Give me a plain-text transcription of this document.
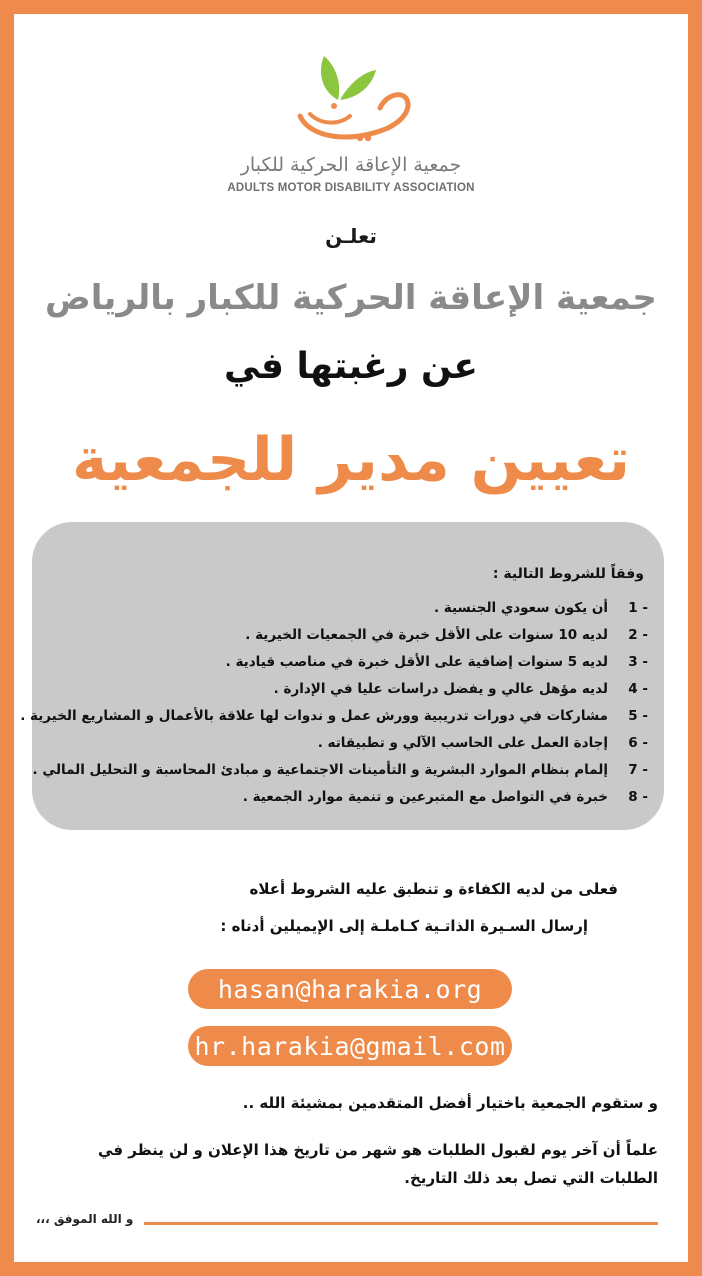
جمعية الإعاقة الحركية للكبار
ADULTS MOTOR DISABILITY ASSOCIATION
تعلـن
جمعية الإعاقة الحركية للكبار بالرياض
عن رغبتها في
تعيين مدير للجمعية
وفقاً للشروط التالية :
1 -
أن يكون سعودي الجنسية .
2 -
لديه 10 سنوات على الأقل خبرة في الجمعيات الخيرية .
3 -
لديه 5 سنوات إضافية على الأقل خبرة في مناصب قيادية .
4 -
لديه مؤهل عالي و يفضل دراسات عليا في الإدارة .
5 -
مشاركات في دورات تدريبية وورش عمل و ندوات لها علاقة بالأعمال و المشاريع الخيرية .
6 -
إجادة العمل على الحاسب الآلي و تطبيقاته .
7 -
إلمام بنظام الموارد البشرية و التأمينات الاجتماعية و مبادئ المحاسبة و التحليل المالي .
8 -
خبرة في التواصل مع المتبرعين و تنمية موارد الجمعية .
فعلى من لديه الكفاءة و تنطبق عليه الشروط أعلاه
إرسال السـيرة الذاتـية كـاملـة إلى الإيميلين أدناه :
hasan@harakia.org
hr.harakia@gmail.com
و ستقوم الجمعية باختيار أفضل المتقدمين بمشيئة الله ..
علماً أن آخر يوم لقبول الطلبات هو شهر من تاريخ هذا الإعلان و لن ينظر في الطلبات التي تصل بعد ذلك التاريخ.
و الله الموفق ،،،
